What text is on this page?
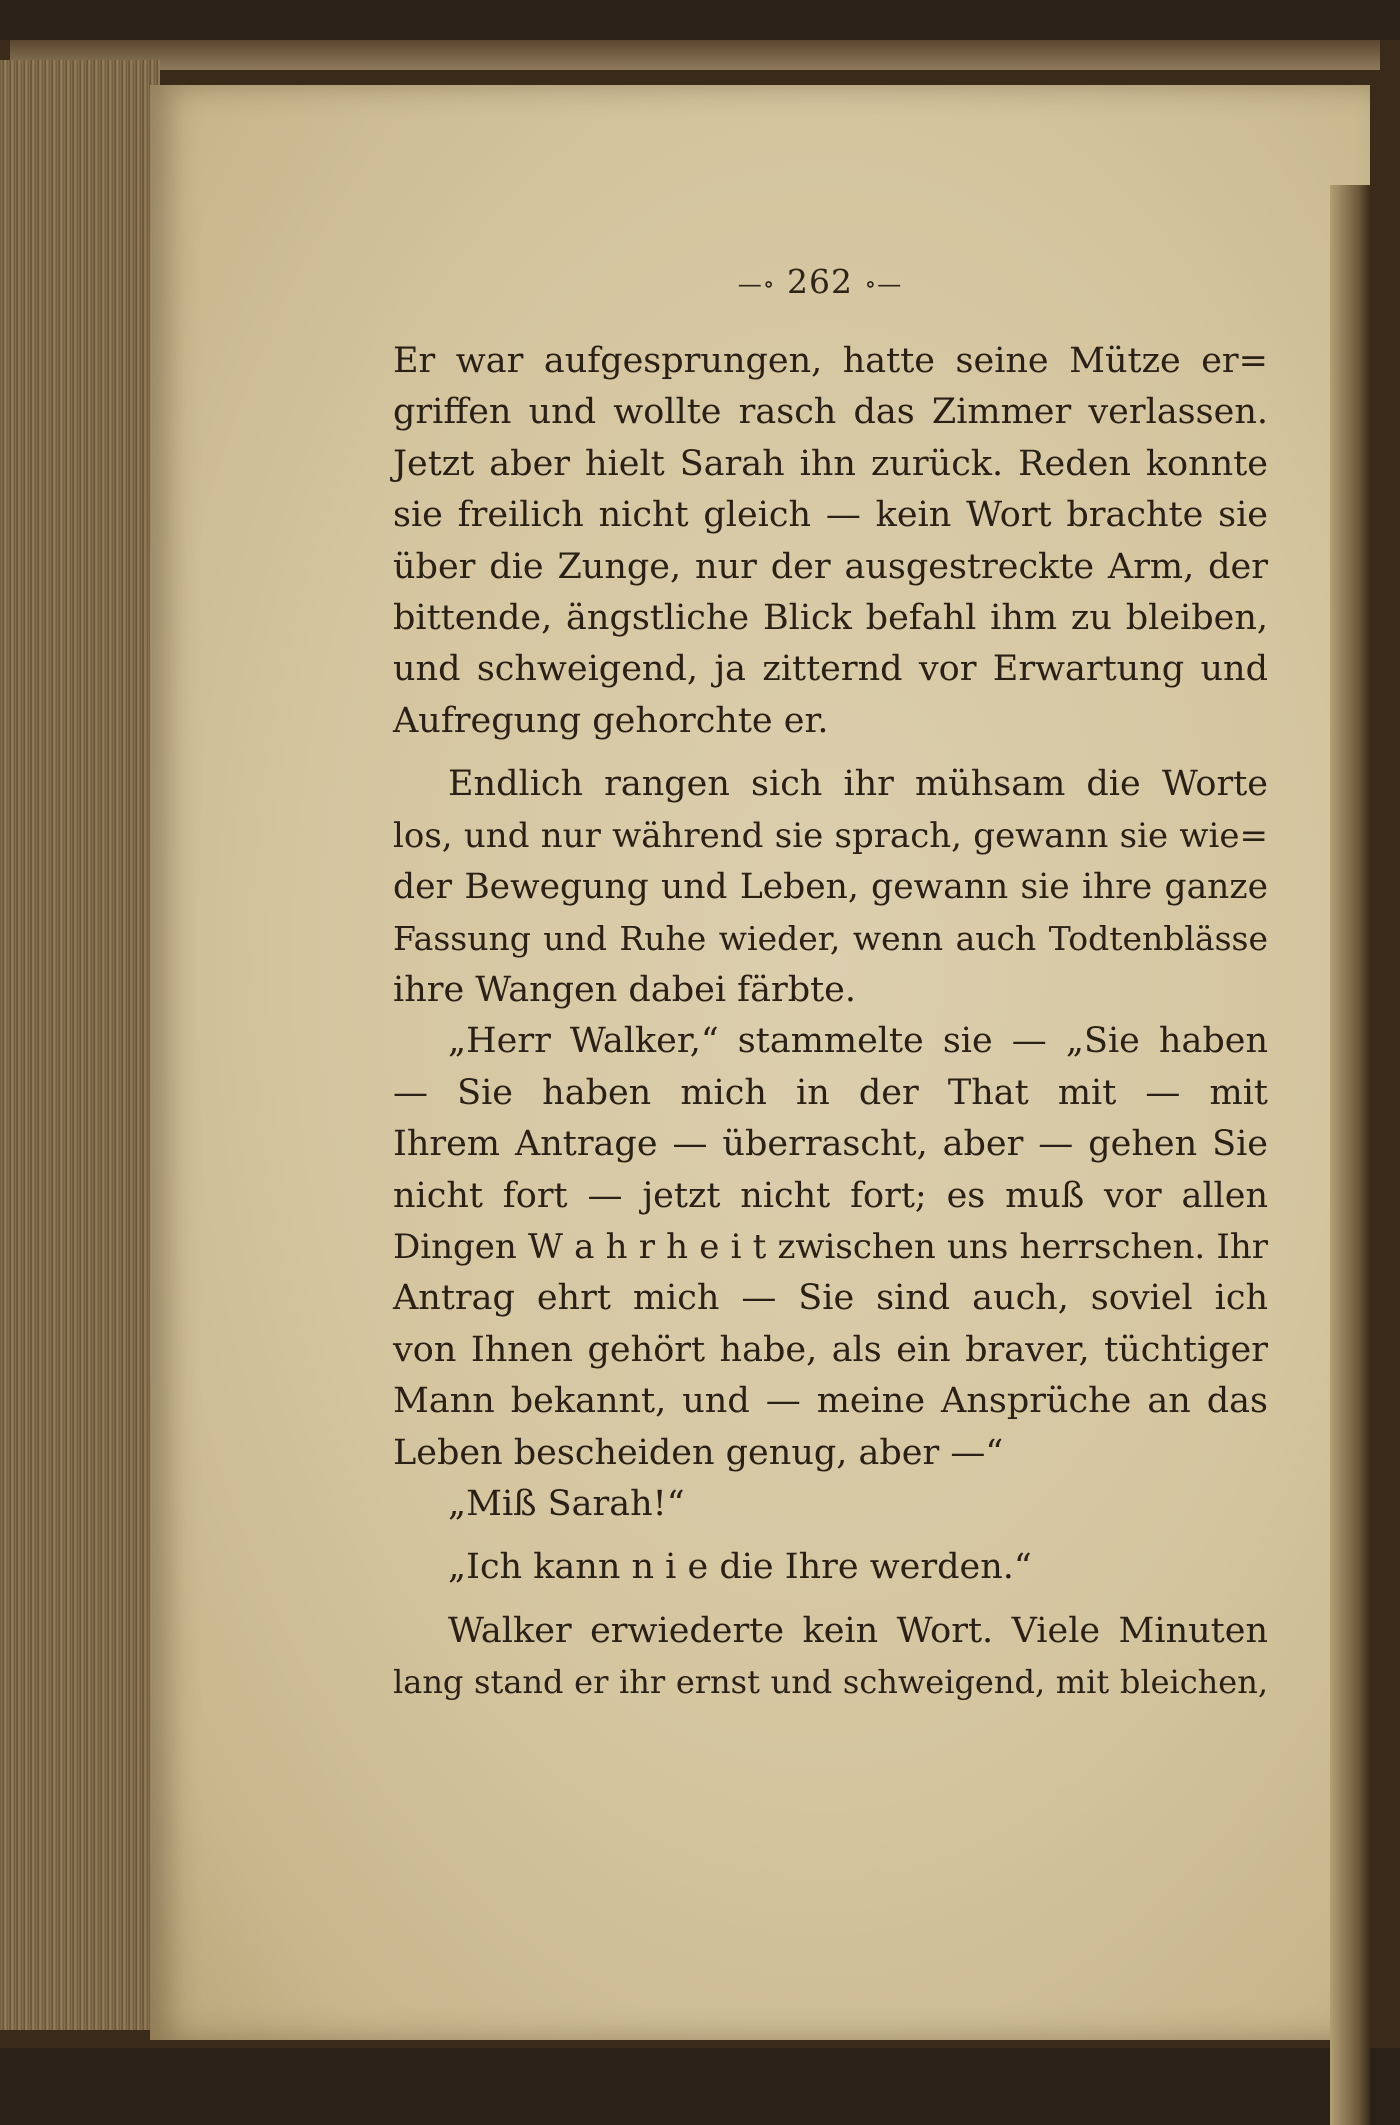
—∘ 262 ∘—
Er war aufgesprungen, hatte seine Mütze er=
griffen und wollte rasch das Zimmer verlassen.
Jetzt aber hielt Sarah ihn zurück. Reden konnte
sie freilich nicht gleich — kein Wort brachte sie
über die Zunge, nur der ausgestreckte Arm, der
bittende, ängstliche Blick befahl ihm zu bleiben,
und schweigend, ja zitternd vor Erwartung und
Aufregung gehorchte er.
Endlich rangen sich ihr mühsam die Worte
los, und nur während sie sprach, gewann sie wie=
der Bewegung und Leben, gewann sie ihre ganze
Fassung und Ruhe wieder, wenn auch Todtenblässe
ihre Wangen dabei färbte.
„Herr Walker,“ stammelte sie — „Sie haben
— Sie haben mich in der That mit — mit
Ihrem Antrage — überrascht, aber — gehen Sie
nicht fort — jetzt nicht fort; es muß vor allen
Dingen W a h r h e i t zwischen uns herrschen. Ihr
Antrag ehrt mich — Sie sind auch, soviel ich
von Ihnen gehört habe, als ein braver, tüchtiger
Mann bekannt, und — meine Ansprüche an das
Leben bescheiden genug, aber —“
„Miß Sarah!“
„Ich kann n i e die Ihre werden.“
Walker erwiederte kein Wort. Viele Minuten
lang stand er ihr ernst und schweigend, mit bleichen,
